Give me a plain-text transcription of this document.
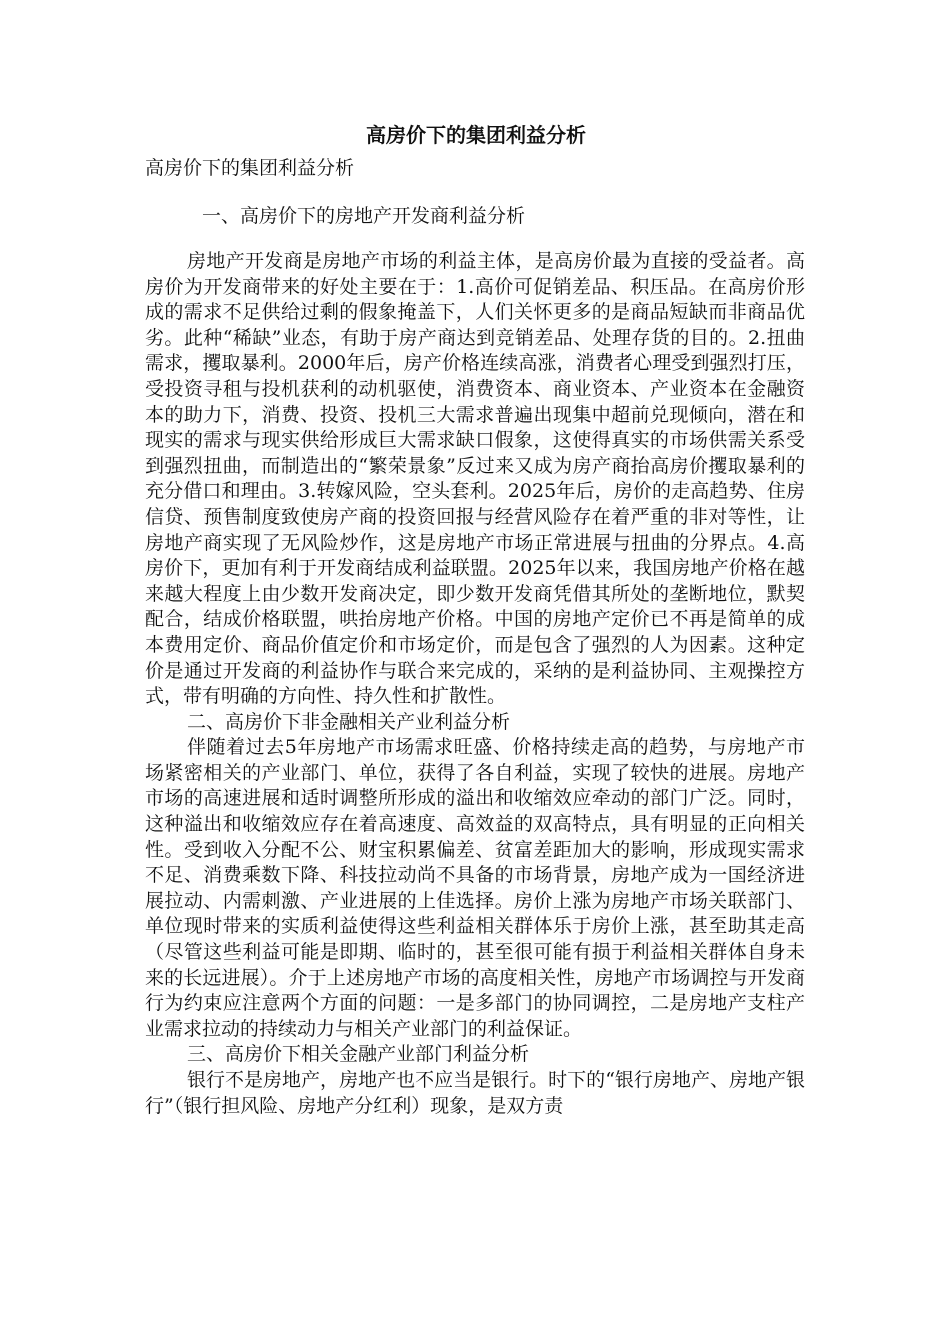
高房价下的集团利益分析

高房价下的集团利益分析

一、高房价下的房地产开发商利益分析

房地产开发商是房地产市场的利益主体，是高房价最为直接的受益者。高房价为开发商带来的好处主要在于：1.高价可促销差品、积压品。在高房价形成的需求不足供给过剩的假象掩盖下，人们关怀更多的是商品短缺而非商品优劣。此种“稀缺”业态，有助于房产商达到竞销差品、处理存货的目的。2.扭曲需求，攫取暴利。2000年后，房产价格连续高涨，消费者心理受到强烈打压，受投资寻租与投机获利的动机驱使，消费资本、商业资本、产业资本在金融资本的助力下，消费、投资、投机三大需求普遍出现集中超前兑现倾向，潜在和现实的需求与现实供给形成巨大需求缺口假象，这使得真实的市场供需关系受到强烈扭曲，而制造出的“繁荣景象”反过来又成为房产商抬高房价攫取暴利的充分借口和理由。3.转嫁风险，空头套利。2025年后，房价的走高趋势、住房信贷、预售制度致使房产商的投资回报与经营风险存在着严重的非对等性，让房地产商实现了无风险炒作，这是房地产市场正常进展与扭曲的分界点。4.高房价下，更加有利于开发商结成利益联盟。2025年以来，我国房地产价格在越来越大程度上由少数开发商决定，即少数开发商凭借其所处的垄断地位，默契配合，结成价格联盟，哄抬房地产价格。中国的房地产定价已不再是简单的成本费用定价、商品价值定价和市场定价，而是包含了强烈的人为因素。这种定价是通过开发商的利益协作与联合来完成的，采纳的是利益协同、主观操控方式，带有明确的方向性、持久性和扩散性。

二、高房价下非金融相关产业利益分析

伴随着过去5年房地产市场需求旺盛、价格持续走高的趋势，与房地产市场紧密相关的产业部门、单位，获得了各自利益，实现了较快的进展。房地产市场的高速进展和适时调整所形成的溢出和收缩效应牵动的部门广泛。同时，这种溢出和收缩效应存在着高速度、高效益的双高特点，具有明显的正向相关性。受到收入分配不公、财宝积累偏差、贫富差距加大的影响，形成现实需求不足、消费乘数下降、科技拉动尚不具备的市场背景，房地产成为一国经济进展拉动、内需刺激、产业进展的上佳选择。房价上涨为房地产市场关联部门、单位现时带来的实质利益使得这些利益相关群体乐于房价上涨，甚至助其走高（尽管这些利益可能是即期、临时的，甚至很可能有损于利益相关群体自身未来的长远进展）。介于上述房地产市场的高度相关性，房地产市场调控与开发商行为约束应注意两个方面的问题：一是多部门的协同调控，二是房地产支柱产业需求拉动的持续动力与相关产业部门的利益保证。

三、高房价下相关金融产业部门利益分析

银行不是房地产，房地产也不应当是银行。时下的“银行房地产、房地产银行”（银行担风险、房地产分红利）现象，是双方责
